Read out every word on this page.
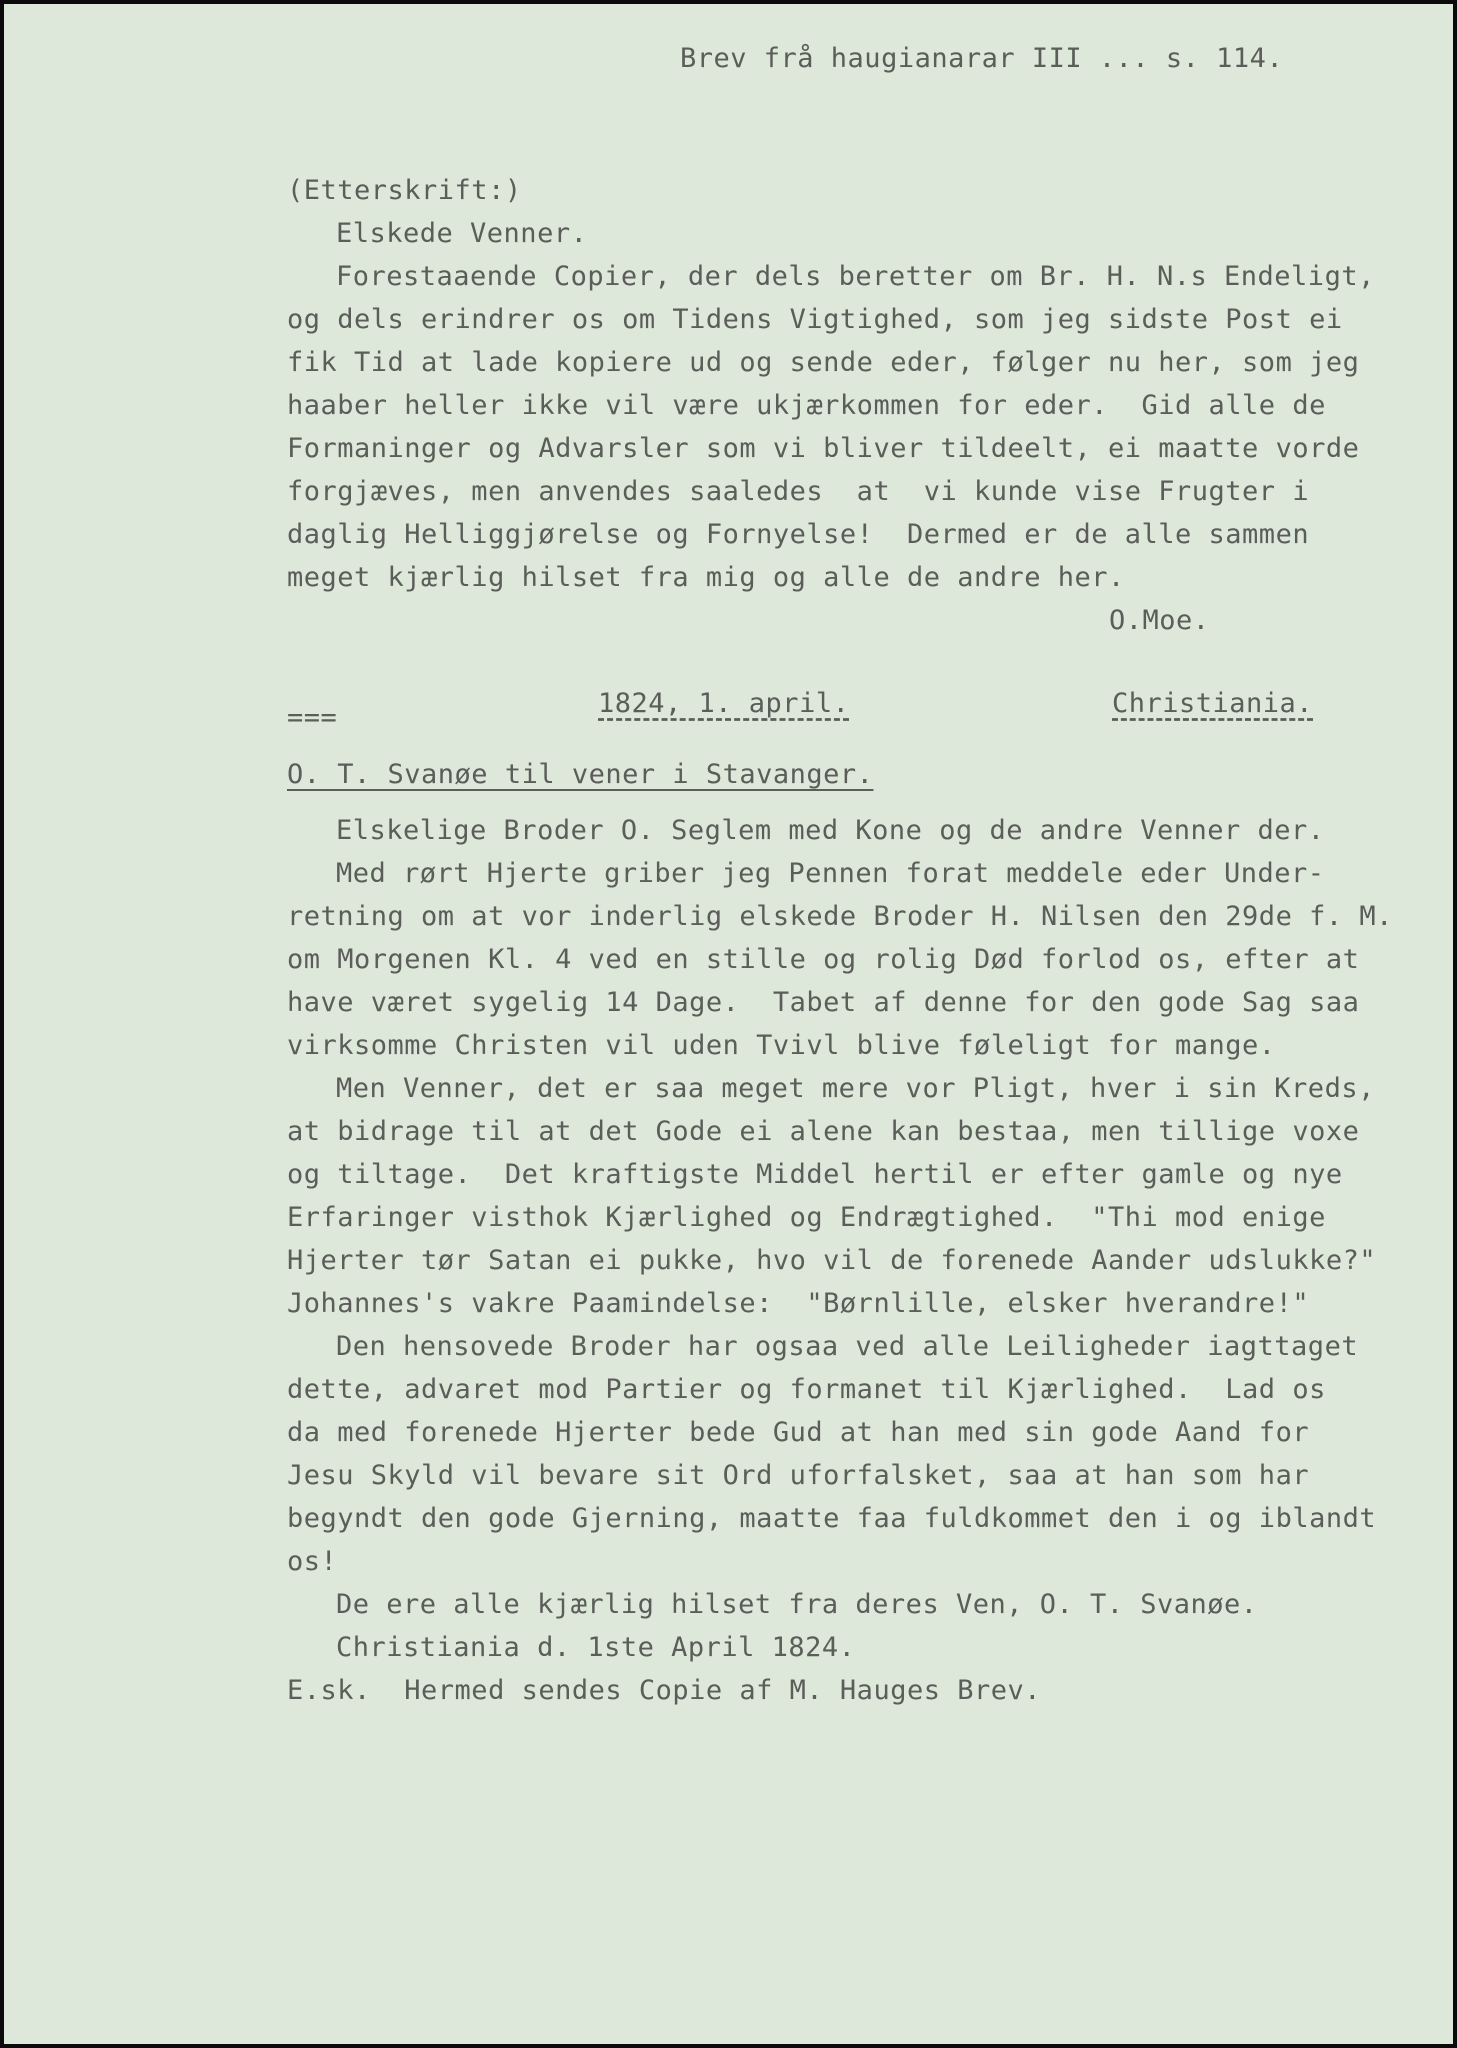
Brev frå haugianarar III ... s. 114.
(Etterskrift:)
Elskede Venner.
Forestaaende Copier, der dels beretter om Br. H. N.s Endeligt,
og dels erindrer os om Tidens Vigtighed, som jeg sidste Post ei
fik Tid at lade kopiere ud og sende eder, følger nu her, som jeg
haaber heller ikke vil være ukjærkommen for eder.  Gid alle de
Formaninger og Advarsler som vi bliver tildeelt, ei maatte vorde
forgjæves, men anvendes saaledes  at  vi kunde vise Frugter i
daglig Helliggjørelse og Fornyelse!  Dermed er de alle sammen
meget kjærlig hilset fra mig og alle de andre her.
O.Moe.
===	1824, 1. april.	Christiania.
O. T. Svanøe til vener i Stavanger.
Elskelige Broder O. Seglem med Kone og de andre Venner der.
Med rørt Hjerte griber jeg Pennen forat meddele eder Under-
retning om at vor inderlig elskede Broder H. Nilsen den 29de f. M.
om Morgenen Kl. 4 ved en stille og rolig Død forlod os, efter at
have været sygelig 14 Dage.  Tabet af denne for den gode Sag saa
virksomme Christen vil uden Tvivl blive føleligt for mange.
Men Venner, det er saa meget mere vor Pligt, hver i sin Kreds,
at bidrage til at det Gode ei alene kan bestaa, men tillige voxe
og tiltage.  Det kraftigste Middel hertil er efter gamle og nye
Erfaringer visthok Kjærlighed og Endrægtighed.  "Thi mod enige
Hjerter tør Satan ei pukke, hvo vil de forenede Aander udslukke?"
Johannes's vakre Paamindelse:  "Børnlille, elsker hverandre!"
Den hensovede Broder har ogsaa ved alle Leiligheder iagttaget
dette, advaret mod Partier og formanet til Kjærlighed.  Lad os
da med forenede Hjerter bede Gud at han med sin gode Aand for
Jesu Skyld vil bevare sit Ord uforfalsket, saa at han som har
begyndt den gode Gjerning, maatte faa fuldkommet den i og iblandt
os!
De ere alle kjærlig hilset fra deres Ven, O. T. Svanøe.
Christiania d. 1ste April 1824.
E.sk.  Hermed sendes Copie af M. Hauges Brev.
